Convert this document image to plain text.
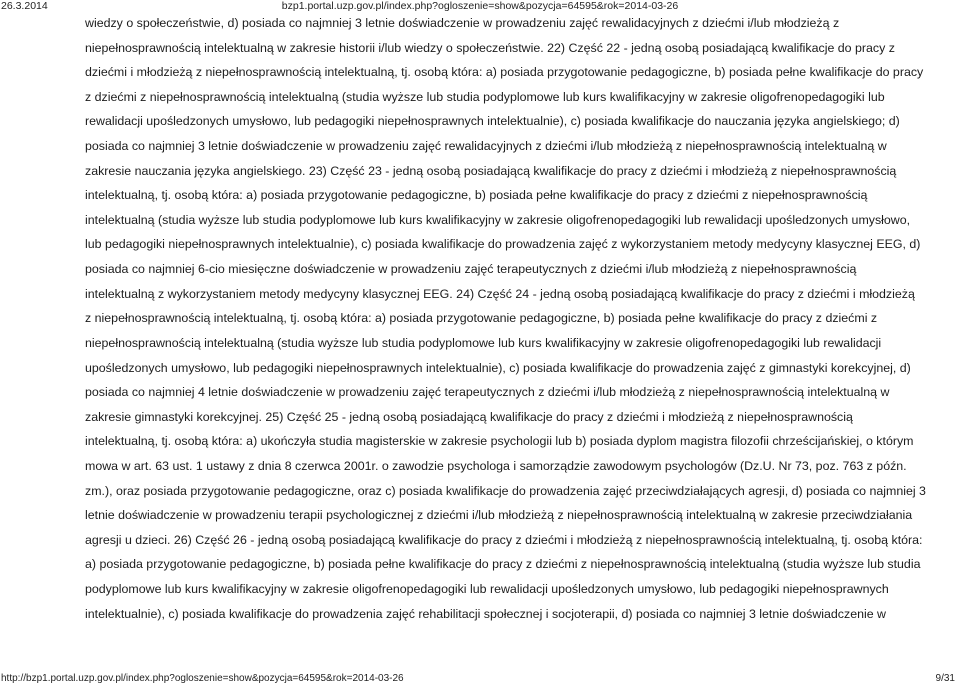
26.3.2014	bzp1.portal.uzp.gov.pl/index.php?ogloszenie=show&pozycja=64595&rok=2014-03-26
wiedzy o społeczeństwie, d) posiada co najmniej 3 letnie doświadczenie w prowadzeniu zajęć rewalidacyjnych z dziećmi i/lub młodzieżą z
niepełnosprawnością intelektualną w zakresie historii i/lub wiedzy o społeczeństwie. 22) Część 22 - jedną osobą posiadającą kwalifikacje do pracy z
dziećmi i młodzieżą z niepełnosprawnością intelektualną, tj. osobą która: a) posiada przygotowanie pedagogiczne, b) posiada pełne kwalifikacje do pracy
z dziećmi z niepełnosprawnością intelektualną (studia wyższe lub studia podyplomowe lub kurs kwalifikacyjny w zakresie oligofrenopedagogiki lub
rewalidacji upośledzonych umysłowo, lub pedagogiki niepełnosprawnych intelektualnie), c) posiada kwalifikacje do nauczania języka angielskiego; d)
posiada co najmniej 3 letnie doświadczenie w prowadzeniu zajęć rewalidacyjnych z dziećmi i/lub młodzieżą z niepełnosprawnością intelektualną w
zakresie nauczania języka angielskiego. 23) Część 23 - jedną osobą posiadającą kwalifikacje do pracy z dziećmi i młodzieżą z niepełnosprawnością
intelektualną, tj. osobą która: a) posiada przygotowanie pedagogiczne, b) posiada pełne kwalifikacje do pracy z dziećmi z niepełnosprawnością
intelektualną (studia wyższe lub studia podyplomowe lub kurs kwalifikacyjny w zakresie oligofrenopedagogiki lub rewalidacji upośledzonych umysłowo,
lub pedagogiki niepełnosprawnych intelektualnie), c) posiada kwalifikacje do prowadzenia zajęć z wykorzystaniem metody medycyny klasycznej EEG, d)
posiada co najmniej 6-cio miesięczne doświadczenie w prowadzeniu zajęć terapeutycznych z dziećmi i/lub młodzieżą z niepełnosprawnością
intelektualną z wykorzystaniem metody medycyny klasycznej EEG. 24) Część 24 - jedną osobą posiadającą kwalifikacje do pracy z dziećmi i młodzieżą
z niepełnosprawnością intelektualną, tj. osobą która: a) posiada przygotowanie pedagogiczne, b) posiada pełne kwalifikacje do pracy z dziećmi z
niepełnosprawnością intelektualną (studia wyższe lub studia podyplomowe lub kurs kwalifikacyjny w zakresie oligofrenopedagogiki lub rewalidacji
upośledzonych umysłowo, lub pedagogiki niepełnosprawnych intelektualnie), c) posiada kwalifikacje do prowadzenia zajęć z gimnastyki korekcyjnej, d)
posiada co najmniej 4 letnie doświadczenie w prowadzeniu zajęć terapeutycznych z dziećmi i/lub młodzieżą z niepełnosprawnością intelektualną w
zakresie gimnastyki korekcyjnej. 25) Część 25 - jedną osobą posiadającą kwalifikacje do pracy z dziećmi i młodzieżą z niepełnosprawnością
intelektualną, tj. osobą która: a) ukończyła studia magisterskie w zakresie psychologii lub b) posiada dyplom magistra filozofii chrześcijańskiej, o którym
mowa w art. 63 ust. 1 ustawy z dnia 8 czerwca 2001r. o zawodzie psychologa i samorządzie zawodowym psychologów (Dz.U. Nr 73, poz. 763 z późn.
zm.), oraz posiada przygotowanie pedagogiczne, oraz c) posiada kwalifikacje do prowadzenia zajęć przeciwdziałających agresji, d) posiada co najmniej 3
letnie doświadczenie w prowadzeniu terapii psychologicznej z dziećmi i/lub młodzieżą z niepełnosprawnością intelektualną w zakresie przeciwdziałania
agresji u dzieci. 26) Część 26 - jedną osobą posiadającą kwalifikacje do pracy z dziećmi i młodzieżą z niepełnosprawnością intelektualną, tj. osobą która:
a) posiada przygotowanie pedagogiczne, b) posiada pełne kwalifikacje do pracy z dziećmi z niepełnosprawnością intelektualną (studia wyższe lub studia
podyplomowe lub kurs kwalifikacyjny w zakresie oligofrenopedagogiki lub rewalidacji upośledzonych umysłowo, lub pedagogiki niepełnosprawnych
intelektualnie), c) posiada kwalifikacje do prowadzenia zajęć rehabilitacji społecznej i socjoterapii, d) posiada co najmniej 3 letnie doświadczenie w
http://bzp1.portal.uzp.gov.pl/index.php?ogloszenie=show&pozycja=64595&rok=2014-03-26	9/31
